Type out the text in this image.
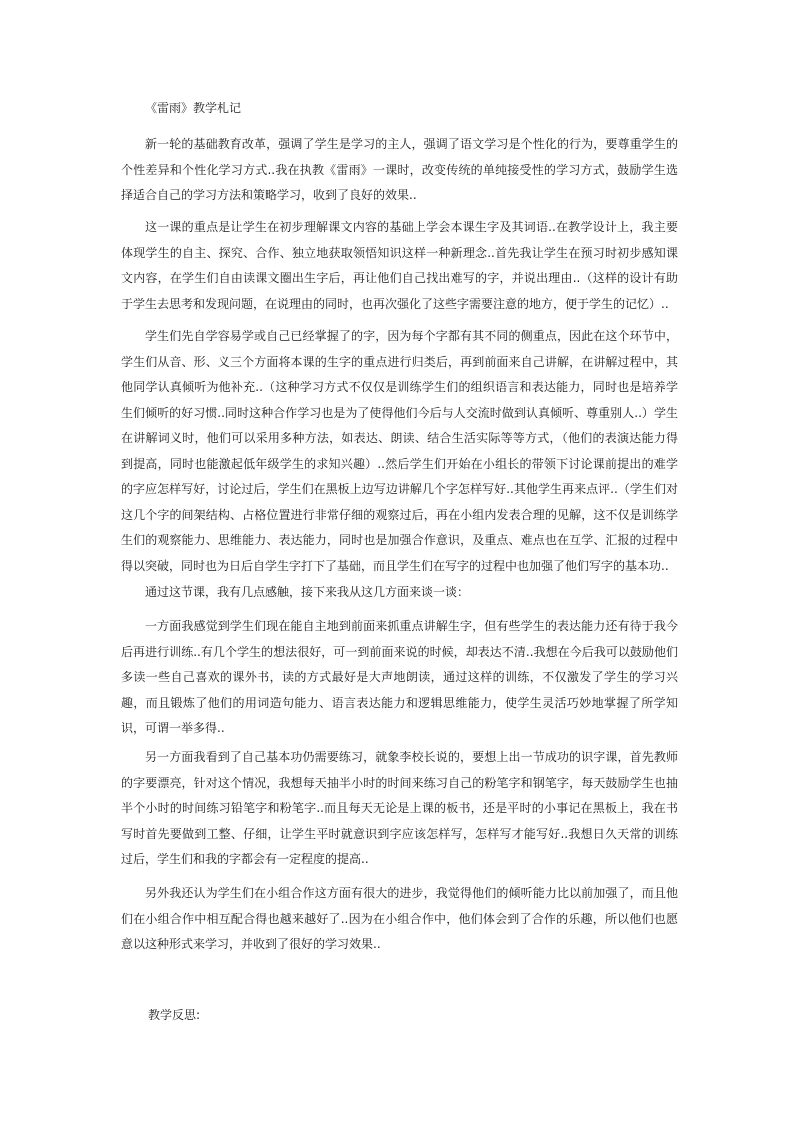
《雷雨》教学札记

新一轮的基础教育改革，强调了学生是学习的主人，强调了语文学习是个性化的行为，要尊重学生的个性差异和个性化学习方式..我在执教《雷雨》一课时，改变传统的单纯接受性的学习方式，鼓励学生选择适合自己的学习方法和策略学习，收到了良好的效果..

这一课的重点是让学生在初步理解课文内容的基础上学会本课生字及其词语..在教学设计上，我主要体现学生的自主、探究、合作、独立地获取领悟知识这样一种新理念..首先我让学生在预习时初步感知课文内容，在学生们自由读课文圈出生字后，再让他们自己找出难写的字，并说出理由..（这样的设计有助于学生去思考和发现问题，在说理由的同时，也再次强化了这些字需要注意的地方，便于学生的记忆）..

学生们先自学容易学或自己已经掌握了的字，因为每个字都有其不同的侧重点，因此在这个环节中，学生们从音、形、义三个方面将本课的生字的重点进行归类后，再到前面来自己讲解，在讲解过程中，其他同学认真倾听为他补充..（这种学习方式不仅仅是训练学生们的组织语言和表达能力，同时也是培养学生们倾听的好习惯..同时这种合作学习也是为了使得他们今后与人交流时做到认真倾听、尊重别人..）学生在讲解词义时，他们可以采用多种方法，如表达、朗读、结合生活实际等等方式，（他们的表演达能力得到提高，同时也能激起低年级学生的求知兴趣）..然后学生们开始在小组长的带领下讨论课前提出的难学的字应怎样写好，讨论过后，学生们在黑板上边写边讲解几个字怎样写好..其他学生再来点评..（学生们对这几个字的间架结构、占格位置进行非常仔细的观察过后，再在小组内发表合理的见解，这不仅是训练学生们的观察能力、思维能力、表达能力，同时也是加强合作意识，及重点、难点也在互学、汇报的过程中得以突破，同时也为日后自学生字打下了基础，而且学生们在写字的过程中也加强了他们写字的基本功..

通过这节课，我有几点感触，接下来我从这几方面来谈一谈：

一方面我感觉到学生们现在能自主地到前面来抓重点讲解生字，但有些学生的表达能力还有待于我今后再进行训练..有几个学生的想法很好，可一到前面来说的时候，却表达不清..我想在今后我可以鼓励他们多读一些自己喜欢的课外书，读的方式最好是大声地朗读，通过这样的训练，不仅激发了学生的学习兴趣，而且锻炼了他们的用词造句能力、语言表达能力和逻辑思维能力，使学生灵活巧妙地掌握了所学知识，可谓一举多得..

另一方面我看到了自己基本功仍需要练习，就象李校长说的，要想上出一节成功的识字课，首先教师的字要漂亮，针对这个情况，我想每天抽半小时的时间来练习自己的粉笔字和钢笔字，每天鼓励学生也抽半个小时的时间练习铅笔字和粉笔字..而且每天无论是上课的板书，还是平时的小事记在黑板上，我在书写时首先要做到工整、仔细，让学生平时就意识到字应该怎样写，怎样写才能写好..我想日久天常的训练过后，学生们和我的字都会有一定程度的提高..

另外我还认为学生们在小组合作这方面有很大的进步，我觉得他们的倾听能力比以前加强了，而且他们在小组合作中相互配合得也越来越好了..因为在小组合作中，他们体会到了合作的乐趣，所以他们也愿意以这种形式来学习，并收到了很好的学习效果..

教学反思:
